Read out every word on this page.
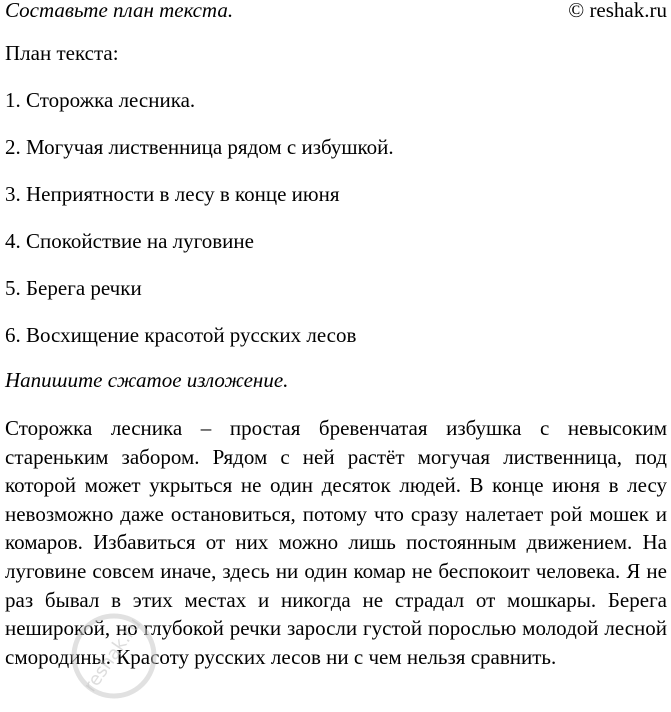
Составьте план текста.	© reshak.ru
План текста:
1. Сторожка лесника.
2. Могучая лиственница рядом с избушкой.
3. Неприятности в лесу в конце июня
4. Спокойствие на луговине
5. Берега речки
6. Восхищение красотой русских лесов
Напишите сжатое изложение.

Сторожка лесника – простая бревенчатая избушка с невысоким стареньким забором. Рядом с ней растёт могучая лиственница, под которой может укрыться не один десяток людей. В конце июня в лесу невозможно даже остановиться, потому что сразу налетает рой мошек и комаров. Избавиться от них можно лишь постоянным движением. На луговине совсем иначе, здесь ни один комар не беспокоит человека. Я не раз бывал в этих местах и никогда не страдал от мошкары. Берега неширокой, но глубокой речки заросли густой порослью молодой лесной смородины. Красоту русских лесов ни с чем нельзя сравнить.

reshak.ru
